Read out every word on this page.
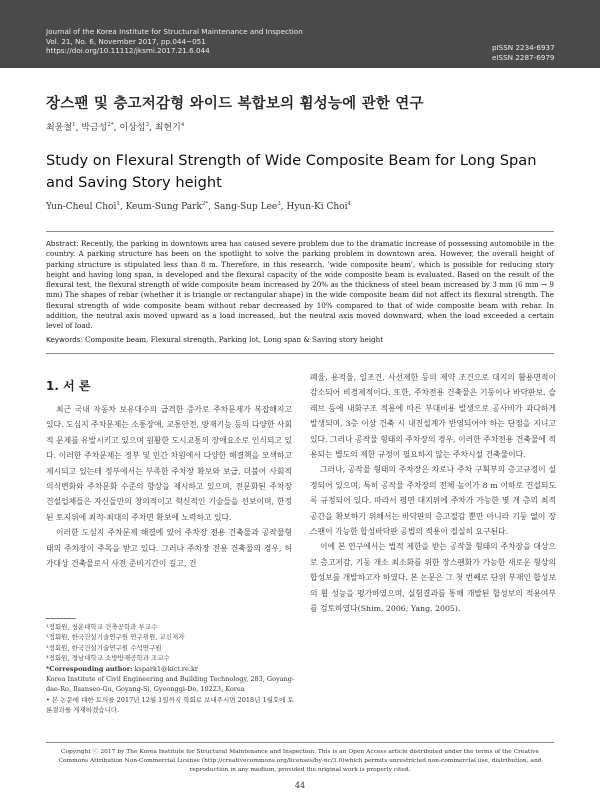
Journal of the Korea Institute for Structural Maintenance and Inspection
Vol. 21, No. 6, November 2017, pp.044~051
https://doi.org/10.11112/jksmi.2017.21.6.044	pISSN 2234-6937
eISSN 2287-6979
장스팬 및 층고저감형 와이드 복합보의 휨성능에 관한 연구
최윤철$^1$, 박금성$^{2*}$, 이상섭$^3$, 최현기$^4$
Study on Flexural Strength of Wide Composite Beam for Long Span and Saving Story height
Yun-Cheul Choi$^1$, Keum-Sung Park$^{2*}$, Sang-Sup Lee$^3$, Hyun-Ki Choi$^4$
Abstract: Recently, the parking in downtown area has caused severe problem due to the dramatic increase of possessing automobile in the country. A parking structure has been on the spotlight to solve the parking problem in downtown area. However, the overall height of parking structure is stipulated less than 8 m. Therefore, in this research, 'wide composite beam', which is possible for reducing story height and having long span, is developed and the flexural capacity of the wide composite beam is evaluated. Based on the result of the flexural test, the flexural strength of wide composite beam increased by 20% as the thickness of steel beam increased by 3 mm (6 mm → 9 mm) The shapes of rebar (whether it is triangle or rectangular shape) in the wide composite beam did not affect its flexural strength. The flexural strength of wide composite beam without rebar decreased by 10% compared to that of wide composite beam with rebar. In addition, the neutral axis moved upward as a load increased, but the neutral axis moved downward, when the load exceeded a certain level of load.
Keywords: Composite beam, Flexural strength, Parking lot, Long span & Saving story height
1. 서 론

최근 국내 자동차 보유대수의 급격한 증가로 주차문제가 복잡해지고 있다. 도심지 주차문제는 소통장애, 교통안전, 방재기능 등의 다양한 사회적 문제를 유발시키고 있으며 원활한 도시교통의 장애요소로 인식되고 있다. 이러한 주차문제는 정부 및 민간 차원에서 다양한 해결책을 모색하고 제시되고 있는데 정부에서는 부족한 주차장 확보와 보급, 더불어 사회적 의식변화와 주차문화 수준의 향상을 제시하고 있으며, 전문화된 주차장 건설업체들은 자신들만의 창의적이고 혁신적인 기술들을 선보이며, 한정된 토지위에 최적·최대의 주차면 확보에 노력하고 있다.

이러한 도심지 주차문제 해결에 있어 주차장 전용 건축물과 공작물형태의 주차장이 주목을 받고 있다. 그러나 주차장 전용 건축물의 경우, 허가대상 건축물로서 사전 준비기간이 길고, 건

폐율, 용적율, 일조건, 사선제한 등의 제약 조건으로 대지의 활용면적이 감소되어 비경제적이다. 또한, 주차전용 건축물은 기둥이나 바닥판보, 슬래브 등에 내화구조 적용에 따른 부대비용 발생으로 공사비가 과다하게 발생되며, 3층 이상 건축 시 내진설계가 반영되어야 하는 단점을 지니고 있다. 그러나 공작물 형태의 주차장의 경우, 이러한 주차전용 건축물에 적용되는 별도의 제한 규정이 필요하지 않는 주차시설 건축물이다.

그러나, 공작물 형태의 주차장은 차로나 주차 구획부의 층고규정이 설정되어 있으며, 특히 공작물 주차장의 전체 높이가 8 m 이하로 건설되도록 규정되어 있다. 따라서 평면 대지위에 주차가 가능한 몇 개 층의 최적 공간을 확보하기 위해서는 바닥판의 층고절감 뿐만 아니라 기둥 없이 장스팬이 가능한 합성바닥판 공법의 적용이 절실히 요구된다.

이에 본 연구에서는 법적 제한을 받는 공작물 형태의 주차장을 대상으로 층고저감, 기둥 개소 최소화를 위한 장스팬화가 가능한 새로운 형상의 합성보를 개발하고자 하였다. 본 논문은 그 첫 번째로 단위 부재인 합성보의 휨 성능을 평가하였으며, 실험결과를 통해 개발된 합성보의 적용여부를 검토하였다(Shim, 2006; Yang, 2005).

¹정회원, 청운대학교 건축공학과 부교수
²정회원, 한국건설기술연구원 연구위원, 교신저자
³정회원, 한국건설기술연구원 수석연구원
⁴정회원, 경남대학교 소방방재공학과 조교수
*Corresponding author: kspark1@kict.re.kr
Korea Institute of Civil Engineering and Building Technology, 283, Goyang-dae-Ro, Ilsanseo-Gu, Goyang-Si, Gyeonggi-Do, 10223, Korea
• 본 논문에 대한 토의를 2017년 12월 1일까지 학회로 보내주시면 2018년 1월호에 토론결과를 게재하겠습니다.
Copyright ⓒ 2017 by The Korea Institute for Structural Maintenance and Inspection. This is an Open Access article distributed under the terms of the Creative Commons Attribution Non-Commercial License (http://creativecommons.org/licenses/by-nc/3.0)which permits unrestricted non-commercial use, distribution, and reproduction in any medium, provided the original work is properly cited.
44
